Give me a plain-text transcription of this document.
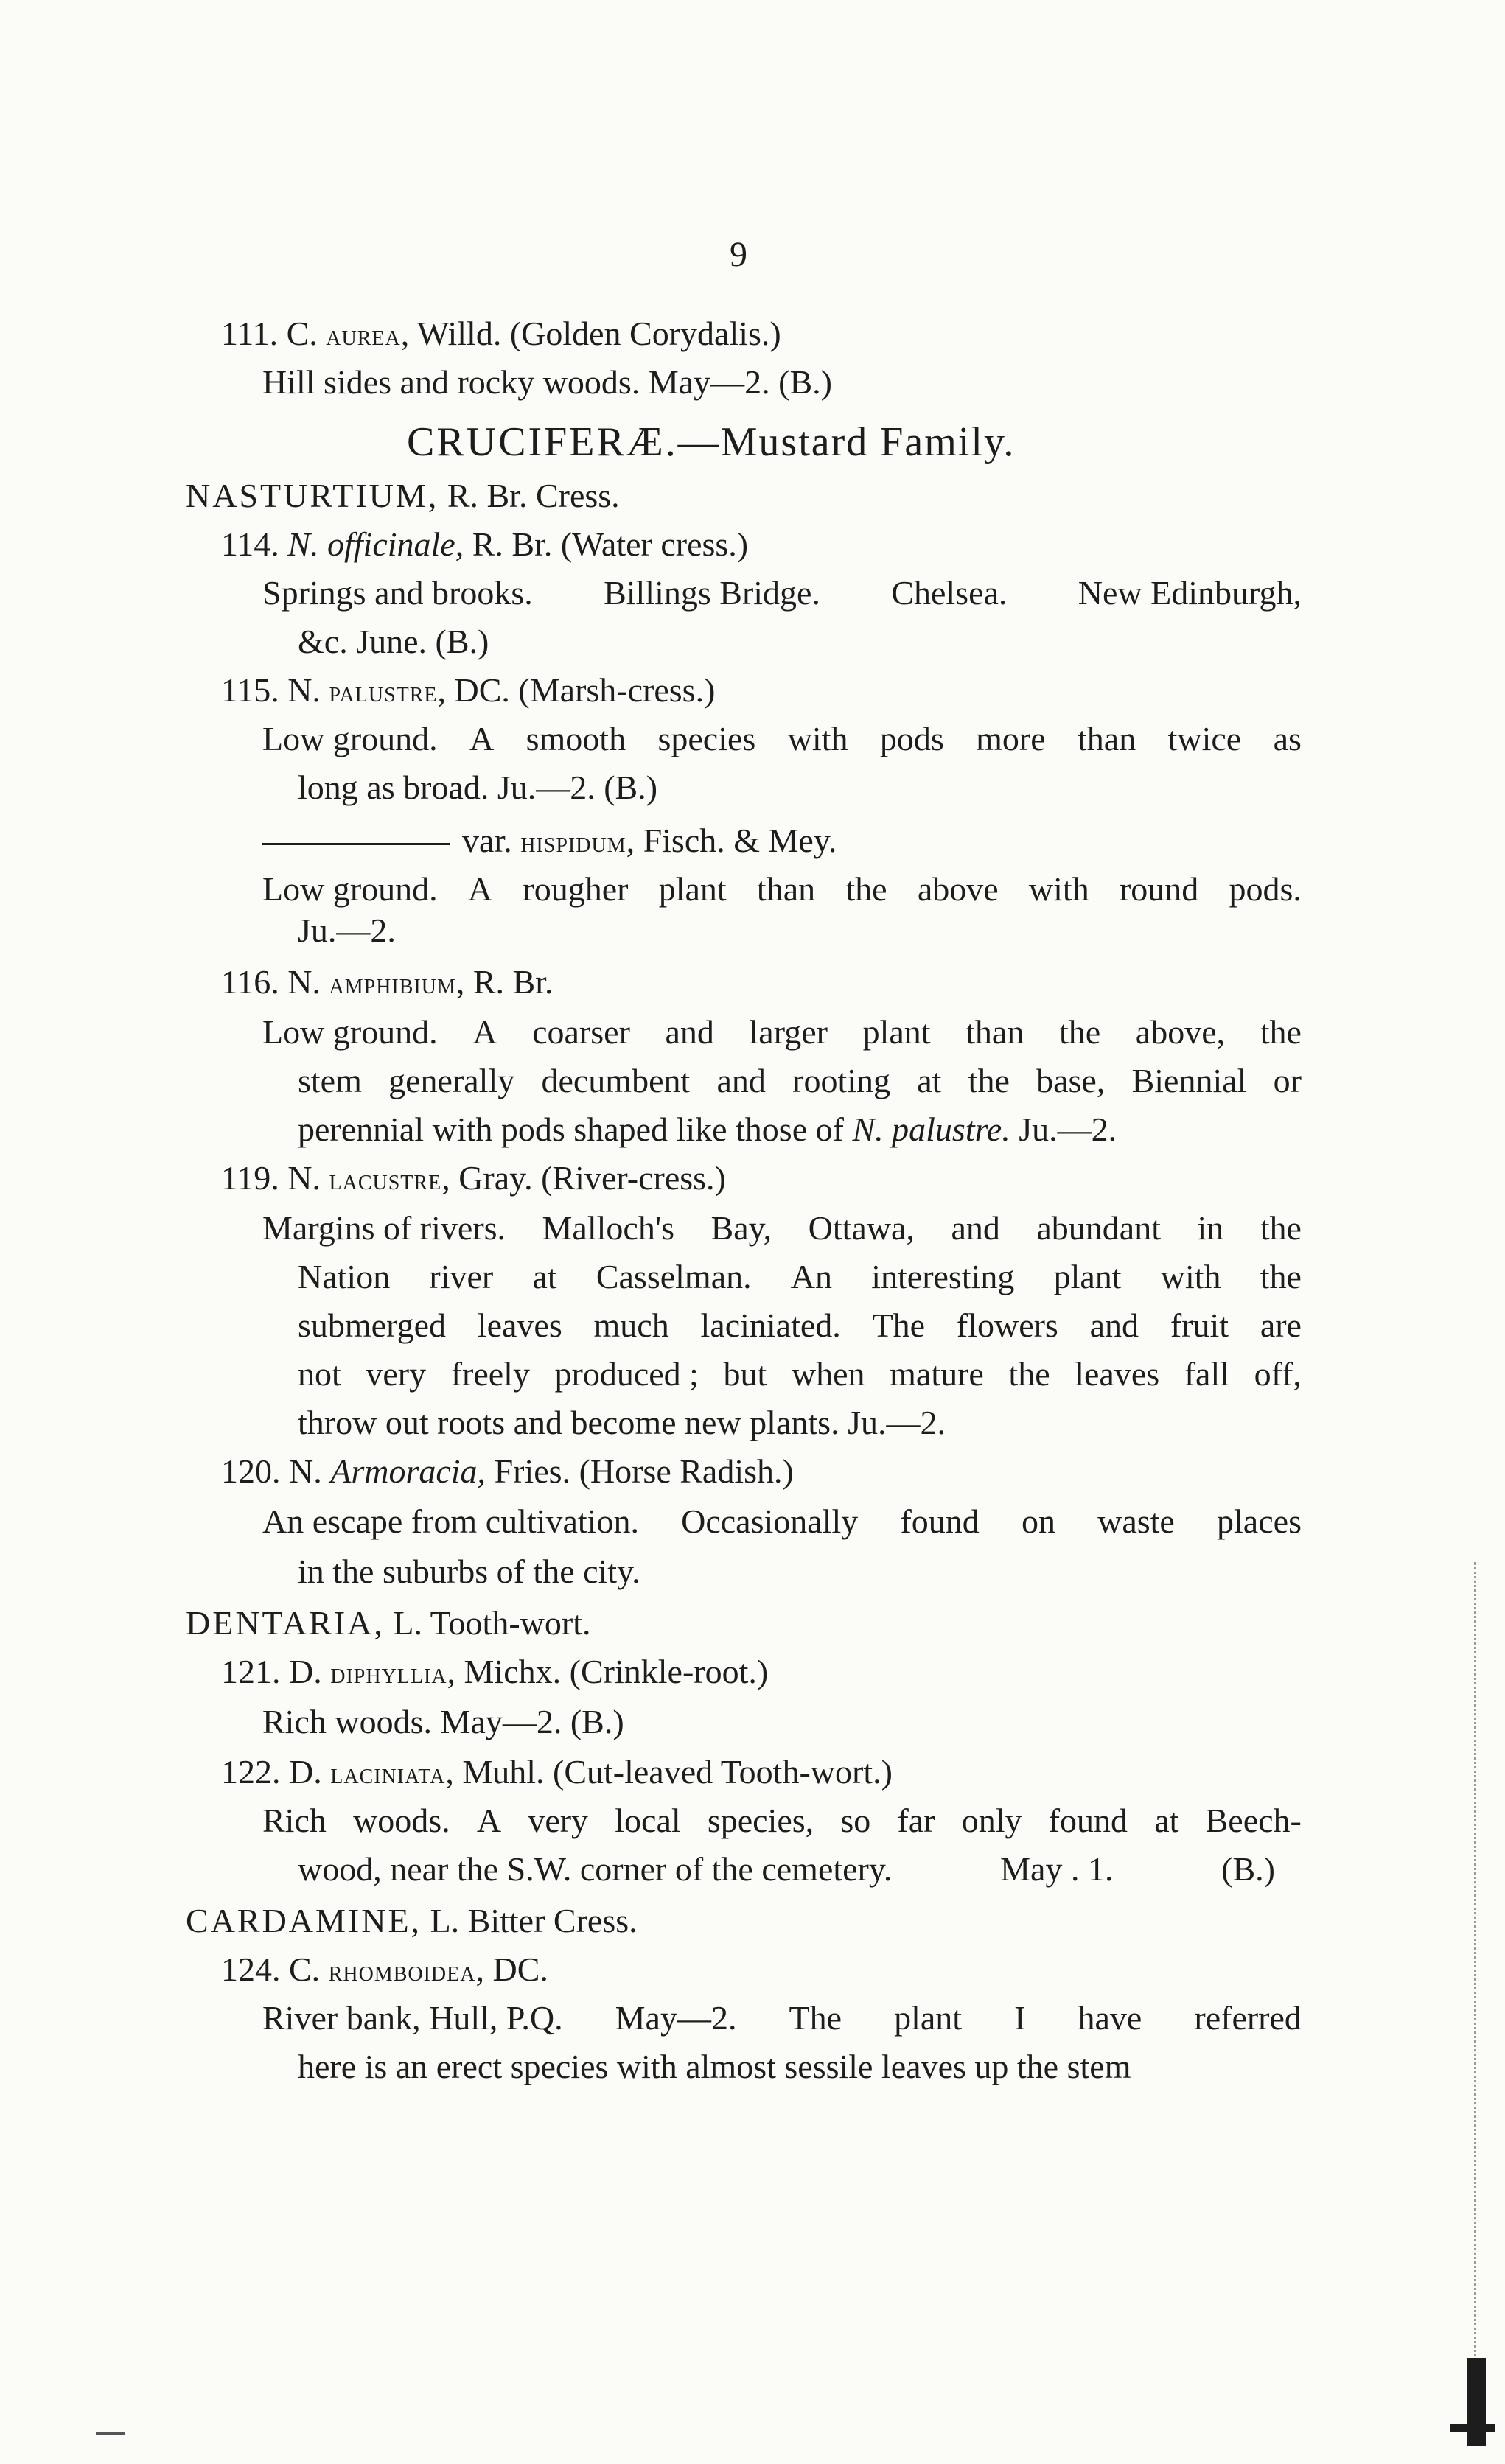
9
111. C. aurea, Willd. (Golden Corydalis.)
Hill sides and rocky woods. May—2. (B.)
CRUCIFERÆ.—Mustard Family.
NASTURTIUM, R. Br. Cress.
114. N. officinale, R. Br. (Water cress.)
Springs and brooks. Billings Bridge. Chelsea. New Edinburgh,
&c. June. (B.)
115. N. palustre, DC. (Marsh-cress.)
Low ground. A smooth species with pods more than twice as
long as broad. Ju.—2. (B.)
var. hispidum, Fisch. & Mey.
Low ground. A rougher plant than the above with round pods.
Ju.—2.
116. N. amphibium, R. Br.
Low ground. A coarser and larger plant than the above, the
stem generally decumbent and rooting at the base, Biennial or
perennial with pods shaped like those of N. palustre. Ju.—2.
119. N. lacustre, Gray. (River-cress.)
Margins of rivers. Malloch's Bay, Ottawa, and abundant in the
Nation river at Casselman. An interesting plant with the
submerged leaves much laciniated. The flowers and fruit are
not very freely produced ; but when mature the leaves fall off,
throw out roots and become new plants. Ju.—2.
120. N. Armoracia, Fries. (Horse Radish.)
An escape from cultivation. Occasionally found on waste places
in the suburbs of the city.
DENTARIA, L. Tooth-wort.
121. D. diphyllia, Michx. (Crinkle-root.)
Rich woods. May—2. (B.)
122. D. laciniata, Muhl. (Cut-leaved Tooth-wort.)
Rich woods. A very local species, so far only found at Beech-
wood, near the S.W. corner of the cemetery.	May . 1.	(B.)
CARDAMINE, L. Bitter Cress.
124. C. rhomboidea, DC.
River bank, Hull, P.Q. May—2. The plant I have referred
here is an erect species with almost sessile leaves up the stem
